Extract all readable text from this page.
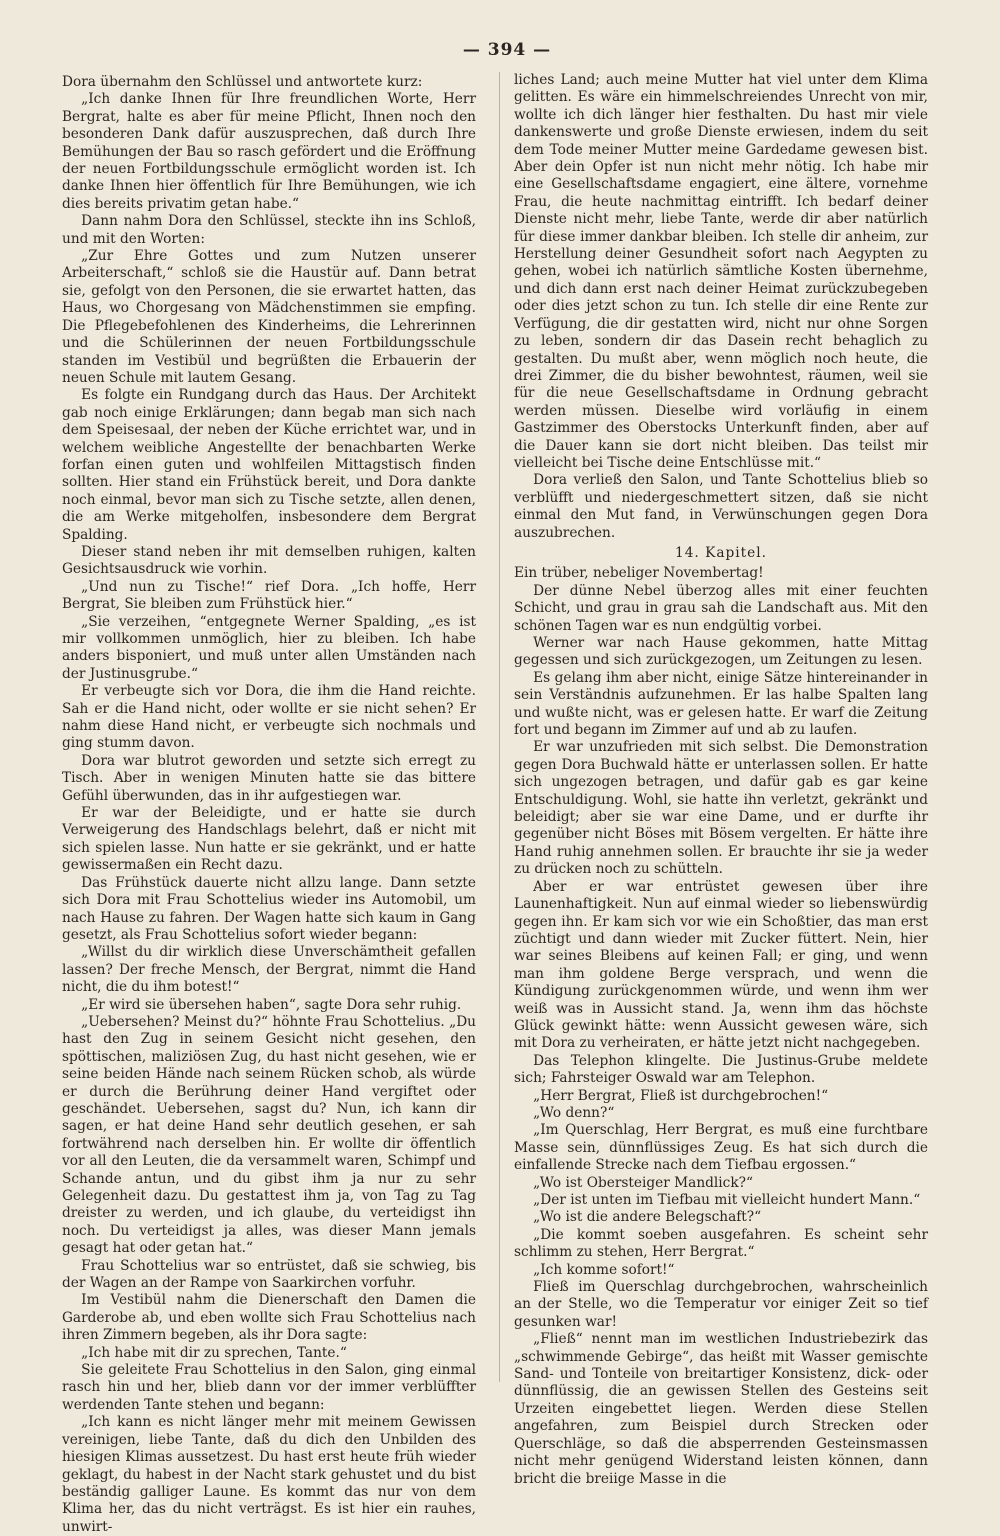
— 394 —

Dora übernahm den Schlüssel und antwortete kurz:

„Ich danke Ihnen für Ihre freundlichen Worte, Herr Bergrat, halte es aber für meine Pflicht, Ihnen noch den besonderen Dank dafür auszusprechen, daß durch Ihre Bemühungen der Bau so rasch gefördert und die Eröffnung der neuen Fortbildungsschule ermöglicht worden ist. Ich danke Ihnen hier öffentlich für Ihre Bemühungen, wie ich dies bereits privatim getan habe.“

Dann nahm Dora den Schlüssel, steckte ihn ins Schloß, und mit den Worten:

„Zur Ehre Gottes und zum Nutzen unserer Arbeiterschaft,“ schloß sie die Haustür auf. Dann betrat sie, gefolgt von den Personen, die sie erwartet hatten, das Haus, wo Chorgesang von Mädchenstimmen sie empfing. Die Pflegebefohlenen des Kinderheims, die Lehrerinnen und die Schülerinnen der neuen Fortbildungsschule standen im Vestibül und begrüßten die Erbauerin der neuen Schule mit lautem Gesang.

Es folgte ein Rundgang durch das Haus. Der Architekt gab noch einige Erklärungen; dann begab man sich nach dem Speisesaal, der neben der Küche errichtet war, und in welchem weibliche Angestellte der benachbarten Werke forfan einen guten und wohlfeilen Mittagstisch finden sollten. Hier stand ein Frühstück bereit, und Dora dankte noch einmal, bevor man sich zu Tische setzte, allen denen, die am Werke mitgeholfen, insbesondere dem Bergrat Spalding.

Dieser stand neben ihr mit demselben ruhigen, kalten Gesichtsausdruck wie vorhin.

„Und nun zu Tische!“ rief Dora. „Ich hoffe, Herr Bergrat, Sie bleiben zum Frühstück hier.“

„Sie verzeihen, “entgegnete Werner Spalding, „es ist mir vollkommen unmöglich, hier zu bleiben. Ich habe anders bisponiert, und muß unter allen Umständen nach der Justinusgrube.“

Er verbeugte sich vor Dora, die ihm die Hand reichte. Sah er die Hand nicht, oder wollte er sie nicht sehen? Er nahm diese Hand nicht, er verbeugte sich nochmals und ging stumm davon.

Dora war blutrot geworden und setzte sich erregt zu Tisch. Aber in wenigen Minuten hatte sie das bittere Gefühl überwunden, das in ihr aufgestiegen war.

Er war der Beleidigte, und er hatte sie durch Verweigerung des Handschlags belehrt, daß er nicht mit sich spielen lasse. Nun hatte er sie gekränkt, und er hatte gewissermaßen ein Recht dazu.

Das Frühstück dauerte nicht allzu lange. Dann setzte sich Dora mit Frau Schottelius wieder ins Automobil, um nach Hause zu fahren. Der Wagen hatte sich kaum in Gang gesetzt, als Frau Schottelius sofort wieder begann:

„Willst du dir wirklich diese Unverschämtheit gefallen lassen? Der freche Mensch, der Bergrat, nimmt die Hand nicht, die du ihm botest!“

„Er wird sie übersehen haben“, sagte Dora sehr ruhig.

„Uebersehen? Meinst du?“ höhnte Frau Schottelius. „Du hast den Zug in seinem Gesicht nicht gesehen, den spöttischen, maliziösen Zug, du hast nicht gesehen, wie er seine beiden Hände nach seinem Rücken schob, als würde er durch die Berührung deiner Hand vergiftet oder geschändet. Uebersehen, sagst du? Nun, ich kann dir sagen, er hat deine Hand sehr deutlich gesehen, er sah fortwährend nach derselben hin. Er wollte dir öffentlich vor all den Leuten, die da versammelt waren, Schimpf und Schande antun, und du gibst ihm ja nur zu sehr Gelegenheit dazu. Du gestattest ihm ja, von Tag zu Tag dreister zu werden, und ich glaube, du verteidigst ihn noch. Du verteidigst ja alles, was dieser Mann jemals gesagt hat oder getan hat.“

Frau Schottelius war so entrüstet, daß sie schwieg, bis der Wagen an der Rampe von Saarkirchen vorfuhr.

Im Vestibül nahm die Dienerschaft den Damen die Garderobe ab, und eben wollte sich Frau Schottelius nach ihren Zimmern begeben, als ihr Dora sagte:

„Ich habe mit dir zu sprechen, Tante.“

Sie geleitete Frau Schottelius in den Salon, ging einmal rasch hin und her, blieb dann vor der immer verblüffter werdenden Tante stehen und begann:

„Ich kann es nicht länger mehr mit meinem Gewissen vereinigen, liebe Tante, daß du dich den Unbilden des hiesigen Klimas aussetzest. Du hast erst heute früh wieder geklagt, du habest in der Nacht stark gehustet und du bist beständig galliger Laune. Es kommt das nur von dem Klima her, das du nicht verträgst. Es ist hier ein rauhes, unwirt-

liches Land; auch meine Mutter hat viel unter dem Klima gelitten. Es wäre ein himmelschreiendes Unrecht von mir, wollte ich dich länger hier festhalten. Du hast mir viele dankenswerte und große Dienste erwiesen, indem du seit dem Tode meiner Mutter meine Gardedame gewesen bist. Aber dein Opfer ist nun nicht mehr nötig. Ich habe mir eine Gesellschaftsdame engagiert, eine ältere, vornehme Frau, die heute nachmittag eintrifft. Ich bedarf deiner Dienste nicht mehr, liebe Tante, werde dir aber natürlich für diese immer dankbar bleiben. Ich stelle dir anheim, zur Herstellung deiner Gesundheit sofort nach Aegypten zu gehen, wobei ich natürlich sämtliche Kosten übernehme, und dich dann erst nach deiner Heimat zurückzubegeben oder dies jetzt schon zu tun. Ich stelle dir eine Rente zur Verfügung, die dir gestatten wird, nicht nur ohne Sorgen zu leben, sondern dir das Dasein recht behaglich zu gestalten. Du mußt aber, wenn möglich noch heute, die drei Zimmer, die du bisher bewohntest, räumen, weil sie für die neue Gesellschaftsdame in Ordnung gebracht werden müssen. Dieselbe wird vorläufig in einem Gastzimmer des Oberstocks Unterkunft finden, aber auf die Dauer kann sie dort nicht bleiben. Das teilst mir vielleicht bei Tische deine Entschlüsse mit.“

Dora verließ den Salon, und Tante Schottelius blieb so verblüfft und niedergeschmettert sitzen, daß sie nicht einmal den Mut fand, in Verwünschungen gegen Dora auszubrechen.

14. Kapitel.

Ein trüber, nebeliger Novembertag!

Der dünne Nebel überzog alles mit einer feuchten Schicht, und grau in grau sah die Landschaft aus. Mit den schönen Tagen war es nun endgültig vorbei.

Werner war nach Hause gekommen, hatte Mittag gegessen und sich zurückgezogen, um Zeitungen zu lesen.

Es gelang ihm aber nicht, einige Sätze hintereinander in sein Verständnis aufzunehmen. Er las halbe Spalten lang und wußte nicht, was er gelesen hatte. Er warf die Zeitung fort und begann im Zimmer auf und ab zu laufen.

Er war unzufrieden mit sich selbst. Die Demonstration gegen Dora Buchwald hätte er unterlassen sollen. Er hatte sich ungezogen betragen, und dafür gab es gar keine Entschuldigung. Wohl, sie hatte ihn verletzt, gekränkt und beleidigt; aber sie war eine Dame, und er durfte ihr gegenüber nicht Böses mit Bösem vergelten. Er hätte ihre Hand ruhig annehmen sollen. Er brauchte ihr sie ja weder zu drücken noch zu schütteln.

Aber er war entrüstet gewesen über ihre Launenhaftigkeit. Nun auf einmal wieder so liebenswürdig gegen ihn. Er kam sich vor wie ein Schoßtier, das man erst züchtigt und dann wieder mit Zucker füttert. Nein, hier war seines Bleibens auf keinen Fall; er ging, und wenn man ihm goldene Berge versprach, und wenn die Kündigung zurückgenommen würde, und wenn ihm wer weiß was in Aussicht stand. Ja, wenn ihm das höchste Glück gewinkt hätte: wenn Aussicht gewesen wäre, sich mit Dora zu verheiraten, er hätte jetzt nicht nachgegeben.

Das Telephon klingelte. Die Justinus-Grube meldete sich; Fahrsteiger Oswald war am Telephon.

„Herr Bergrat, Fließ ist durchgebrochen!“

„Wo denn?“

„Im Querschlag, Herr Bergrat, es muß eine furchtbare Masse sein, dünnflüssiges Zeug. Es hat sich durch die einfallende Strecke nach dem Tiefbau ergossen.“

„Wo ist Obersteiger Mandlick?“

„Der ist unten im Tiefbau mit vielleicht hundert Mann.“

„Wo ist die andere Belegschaft?“

„Die kommt soeben ausgefahren. Es scheint sehr schlimm zu stehen, Herr Bergrat.“

„Ich komme sofort!“

Fließ im Querschlag durchgebrochen, wahrscheinlich an der Stelle, wo die Temperatur vor einiger Zeit so tief gesunken war!

„Fließ“ nennt man im westlichen Industriebezirk das „schwimmende Gebirge“, das heißt mit Wasser gemischte Sand- und Tonteile von breitartiger Konsistenz, dick- oder dünnflüssig, die an gewissen Stellen des Gesteins seit Urzeiten eingebettet liegen. Werden diese Stellen angefahren, zum Beispiel durch Strecken oder Querschläge, so daß die absperrenden Gesteinsmassen nicht mehr genügend Widerstand leisten können, dann bricht die breiige Masse in die
